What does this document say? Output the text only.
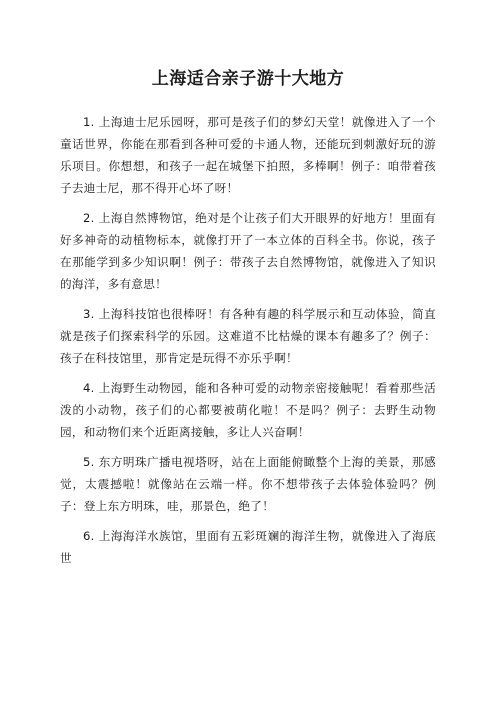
上海适合亲子游十大地方

1. 上海迪士尼乐园呀，那可是孩子们的梦幻天堂！就像进入了一个童话世界，你能在那看到各种可爱的卡通人物，还能玩到刺激好玩的游乐项目。你想想，和孩子一起在城堡下拍照，多棒啊！例子：咱带着孩子去迪士尼，那不得开心坏了呀！

2. 上海自然博物馆，绝对是个让孩子们大开眼界的好地方！里面有好多神奇的动植物标本，就像打开了一本立体的百科全书。你说，孩子在那能学到多少知识啊！例子：带孩子去自然博物馆，就像进入了知识的海洋，多有意思！

3. 上海科技馆也很棒呀！有各种有趣的科学展示和互动体验，简直就是孩子们探索科学的乐园。这难道不比枯燥的课本有趣多了？例子：孩子在科技馆里，那肯定是玩得不亦乐乎啊！

4. 上海野生动物园，能和各种可爱的动物亲密接触呢！看着那些活泼的小动物，孩子们的心都要被萌化啦！不是吗？例子：去野生动物园，和动物们来个近距离接触，多让人兴奋啊！

5. 东方明珠广播电视塔呀，站在上面能俯瞰整个上海的美景，那感觉，太震撼啦！就像站在云端一样。你不想带孩子去体验体验吗？例子：登上东方明珠，哇，那景色，绝了！

6. 上海海洋水族馆，里面有五彩斑斓的海洋生物，就像进入了海底世
